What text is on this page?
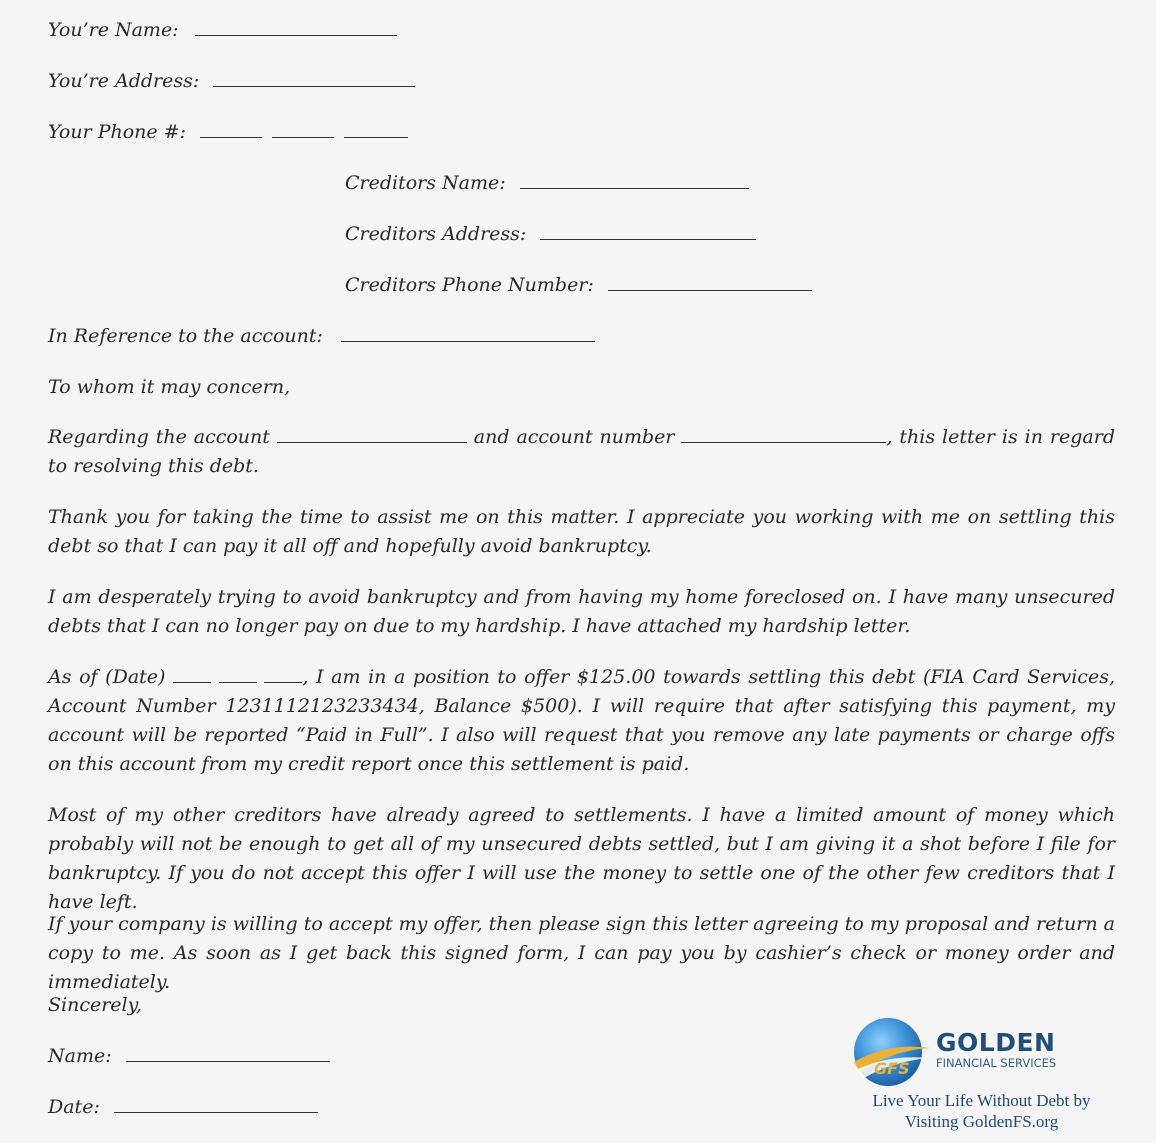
You’re Name:
You’re Address:
Your Phone #:
Creditors Name:
Creditors Address:
Creditors Phone Number:
In Reference to the account:
To whom it may concern,
Regarding the account	and account number	, this letter is in regard to resolving this debt.
Thank you for taking the time to assist me on this matter. I appreciate you working with me on settling this debt so that I can pay it all off and hopefully avoid bankruptcy.
I am desperately trying to avoid bankruptcy and from having my home foreclosed on. I have many unsecured debts that I can no longer pay on due to my hardship. I have attached my hardship letter.
As of (Date)	, I am in a position to offer $125.00 towards settling this debt (FIA Card Services, Account Number 1231112123233434, Balance $500). I will require that after satisfying this payment, my account will be reported “Paid in Full”. I also will request that you remove any late payments or charge offs on this account from my credit report once this settlement is paid.
Most of my other creditors have already agreed to settlements. I have a limited amount of money which probably will not be enough to get all of my unsecured debts settled, but I am giving it a shot before I file for bankruptcy. If you do not accept this offer I will use the money to settle one of the other few creditors that I have left.
If your company is willing to accept my offer, then please sign this letter agreeing to my proposal and return a copy to me. As soon as I get back this signed form, I can pay you by cashier’s check or money order and immediately.
Sincerely,
Name:
Date:
GFS
GOLDEN
FINANCIAL SERVICES
Live Your Life Without Debt by
Visiting GoldenFS.org
